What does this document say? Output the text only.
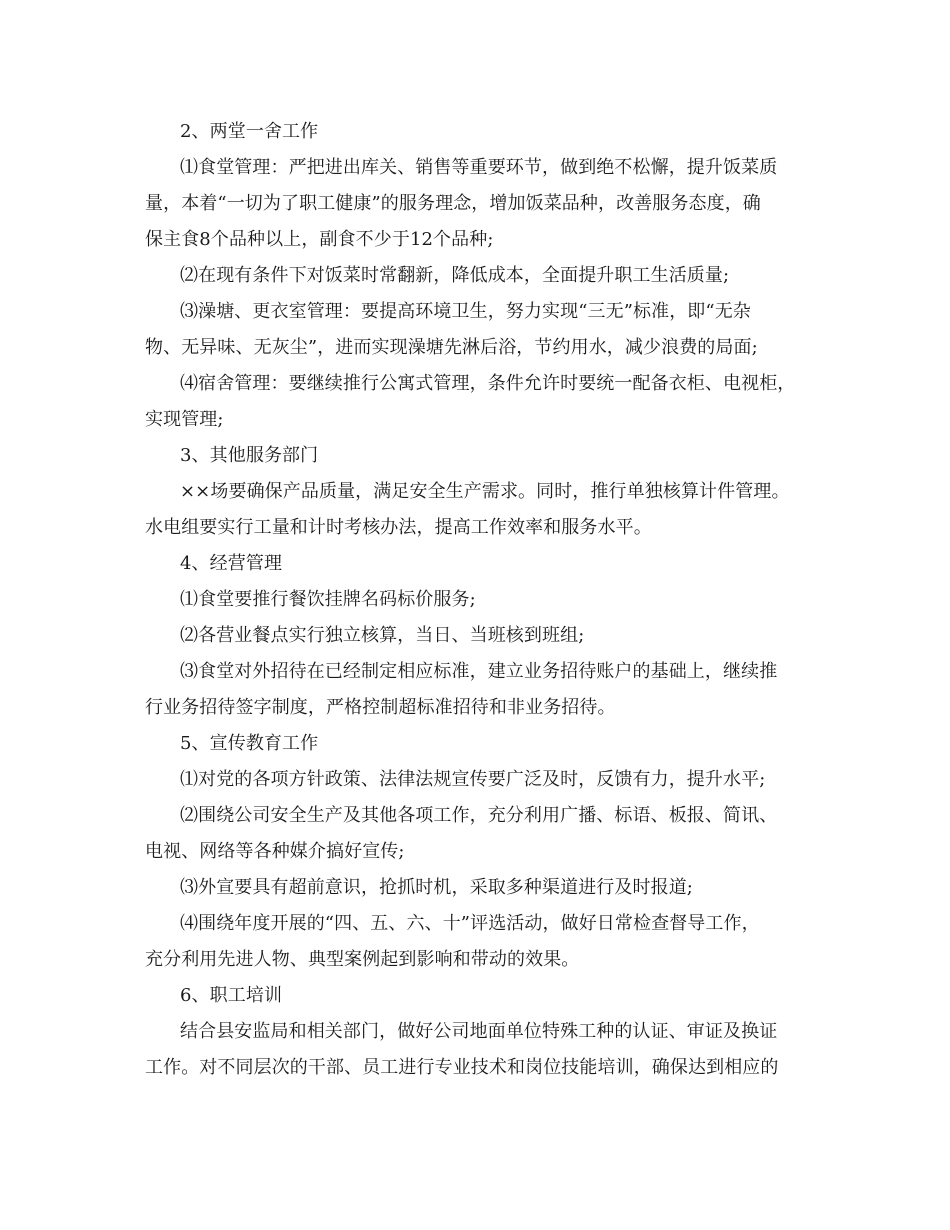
2、两堂一舍工作
⑴食堂管理：严把进出库关、销售等重要环节，做到绝不松懈，提升饭菜质
量，本着“一切为了职工健康”的服务理念，增加饭菜品种，改善服务态度，确
保主食8个品种以上，副食不少于12个品种;
⑵在现有条件下对饭菜时常翻新，降低成本，全面提升职工生活质量;
⑶澡塘、更衣室管理：要提高环境卫生，努力实现“三无”标准，即“无杂
物、无异味、无灰尘”，进而实现澡塘先淋后浴，节约用水，减少浪费的局面;
⑷宿舍管理：要继续推行公寓式管理，条件允许时要统一配备衣柜、电视柜，
实现管理;
3、其他服务部门
××场要确保产品质量，满足安全生产需求。同时，推行单独核算计件管理。
水电组要实行工量和计时考核办法，提高工作效率和服务水平。
4、经营管理
⑴食堂要推行餐饮挂牌名码标价服务;
⑵各营业餐点实行独立核算，当日、当班核到班组;
⑶食堂对外招待在已经制定相应标准，建立业务招待账户的基础上，继续推
行业务招待签字制度，严格控制超标准招待和非业务招待。
5、宣传教育工作
⑴对党的各项方针政策、法律法规宣传要广泛及时，反馈有力，提升水平;
⑵围绕公司安全生产及其他各项工作，充分利用广播、标语、板报、简讯、
电视、网络等各种媒介搞好宣传;
⑶外宣要具有超前意识，抢抓时机，采取多种渠道进行及时报道;
⑷围绕年度开展的“四、五、六、十”评选活动，做好日常检查督导工作，
充分利用先进人物、典型案例起到影响和带动的效果。
6、职工培训
结合县安监局和相关部门，做好公司地面单位特殊工种的认证、审证及换证
工作。对不同层次的干部、员工进行专业技术和岗位技能培训，确保达到相应的
